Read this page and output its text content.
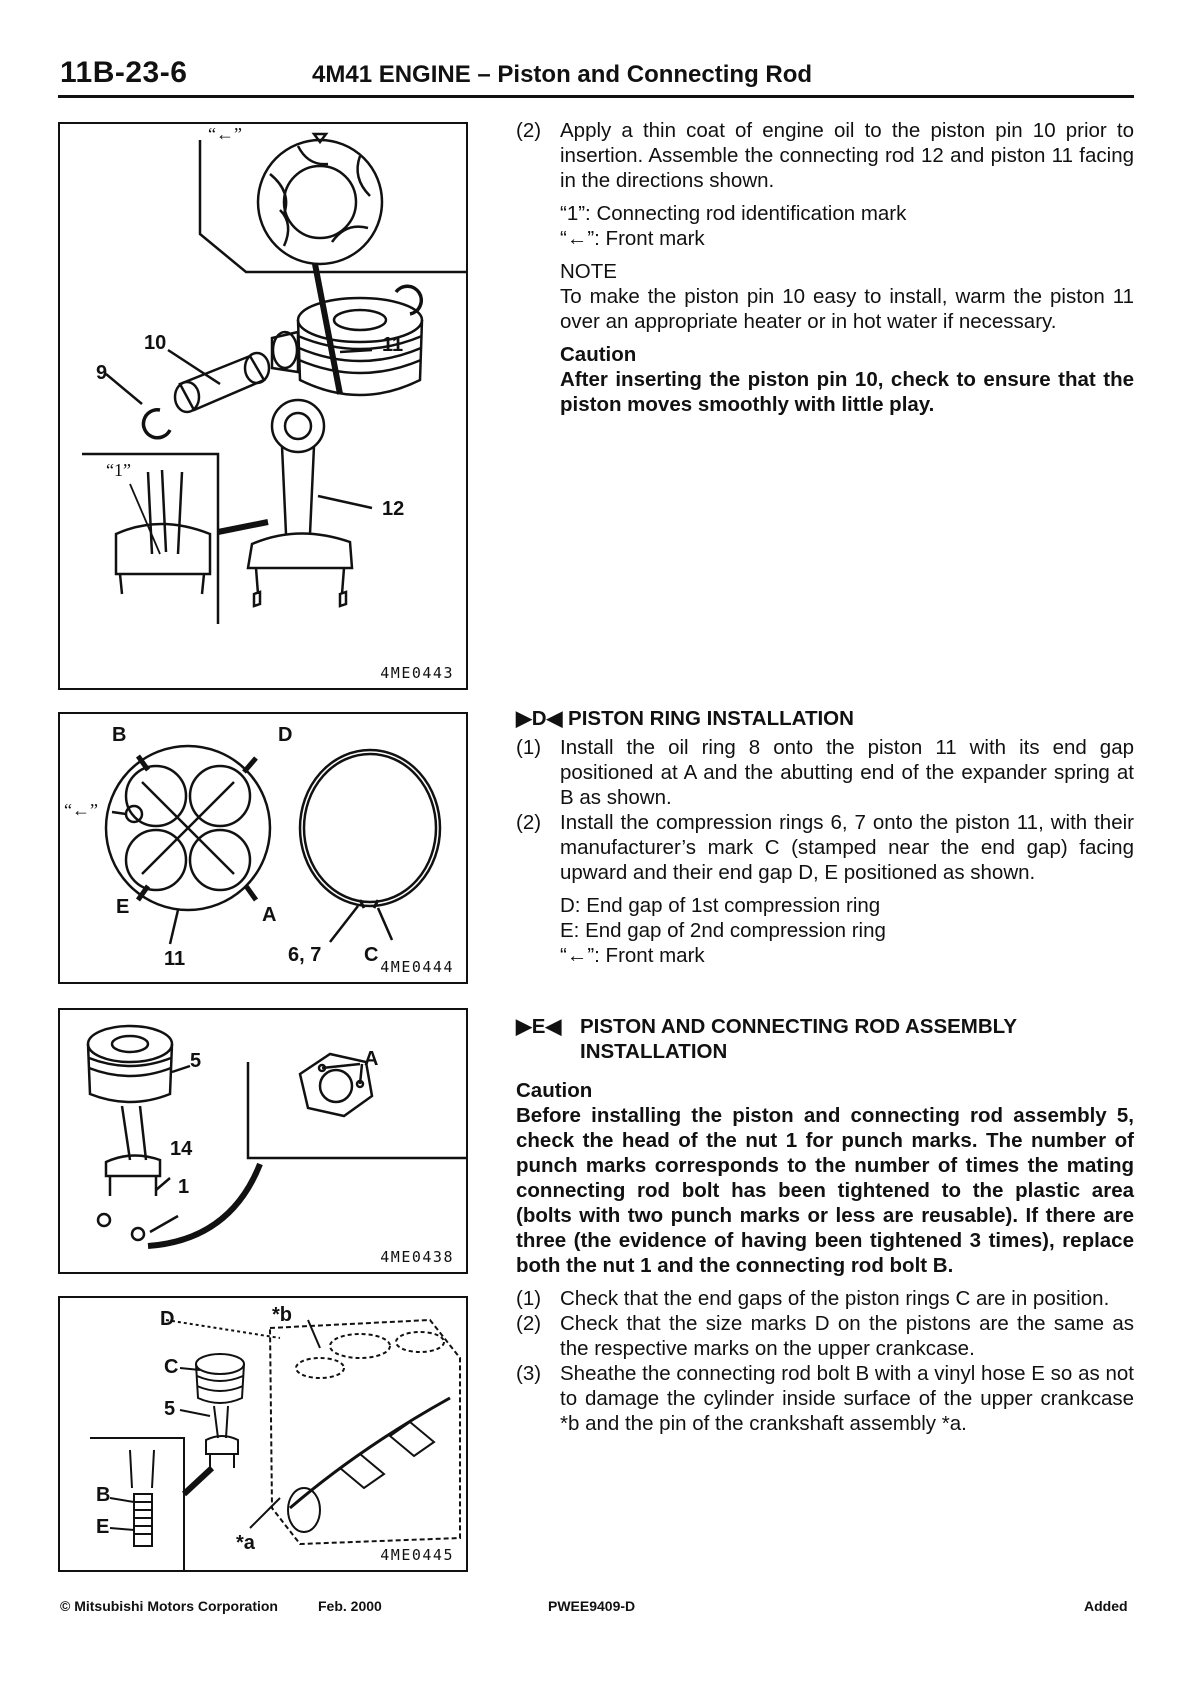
11B-23-6	4M41 ENGINE – Piston and Connecting Rod
“←”
10
9
11
“1”
12
4ME0443
B	D
“←”
E	A
11	6, 7 C
4ME0444
5	A
14
1
4ME0438
D	*b
C
5
B
E
*a
4ME0445
(2) Apply a thin coat of engine oil to the piston pin 10 prior to insertion. Assemble the connecting rod 12 and piston 11 facing in the directions shown.
“1”: Connecting rod identification mark
“←”: Front mark
NOTE
To make the piston pin 10 easy to install, warm the piston 11 over an appropriate heater or in hot water if necessary.
Caution
After inserting the piston pin 10, check to ensure that the piston moves smoothly with little play.
▶D◀ PISTON RING INSTALLATION
(1) Install the oil ring 8 onto the piston 11 with its end gap positioned at A and the abutting end of the expander spring at B as shown.
(2) Install the compression rings 6, 7 onto the piston 11, with their manufacturer’s mark C (stamped near the end gap) facing upward and their end gap D, E positioned as shown.
D: End gap of 1st compression ring
E: End gap of 2nd compression ring
“←”: Front mark
▶E◀ PISTON AND CONNECTING ROD ASSEMBLY
INSTALLATION
Caution
Before installing the piston and connecting rod assembly 5, check the head of the nut 1 for punch marks. The number of punch marks corresponds to the number of times the mating connecting rod bolt has been tightened to the plastic area (bolts with two punch marks or less are reusable). If there are three (the evidence of having been tightened 3 times), replace both the nut 1 and the connecting rod bolt B.
(1) Check that the end gaps of the piston rings C are in position.
(2) Check that the size marks D on the pistons are the same as the respective marks on the upper crankcase.
(3) Sheathe the connecting rod bolt B with a vinyl hose E so as not to damage the cylinder inside surface of the upper crankcase *b and the pin of the crankshaft assembly *a.
© Mitsubishi Motors Corporation	Feb. 2000	PWEE9409-D	Added
